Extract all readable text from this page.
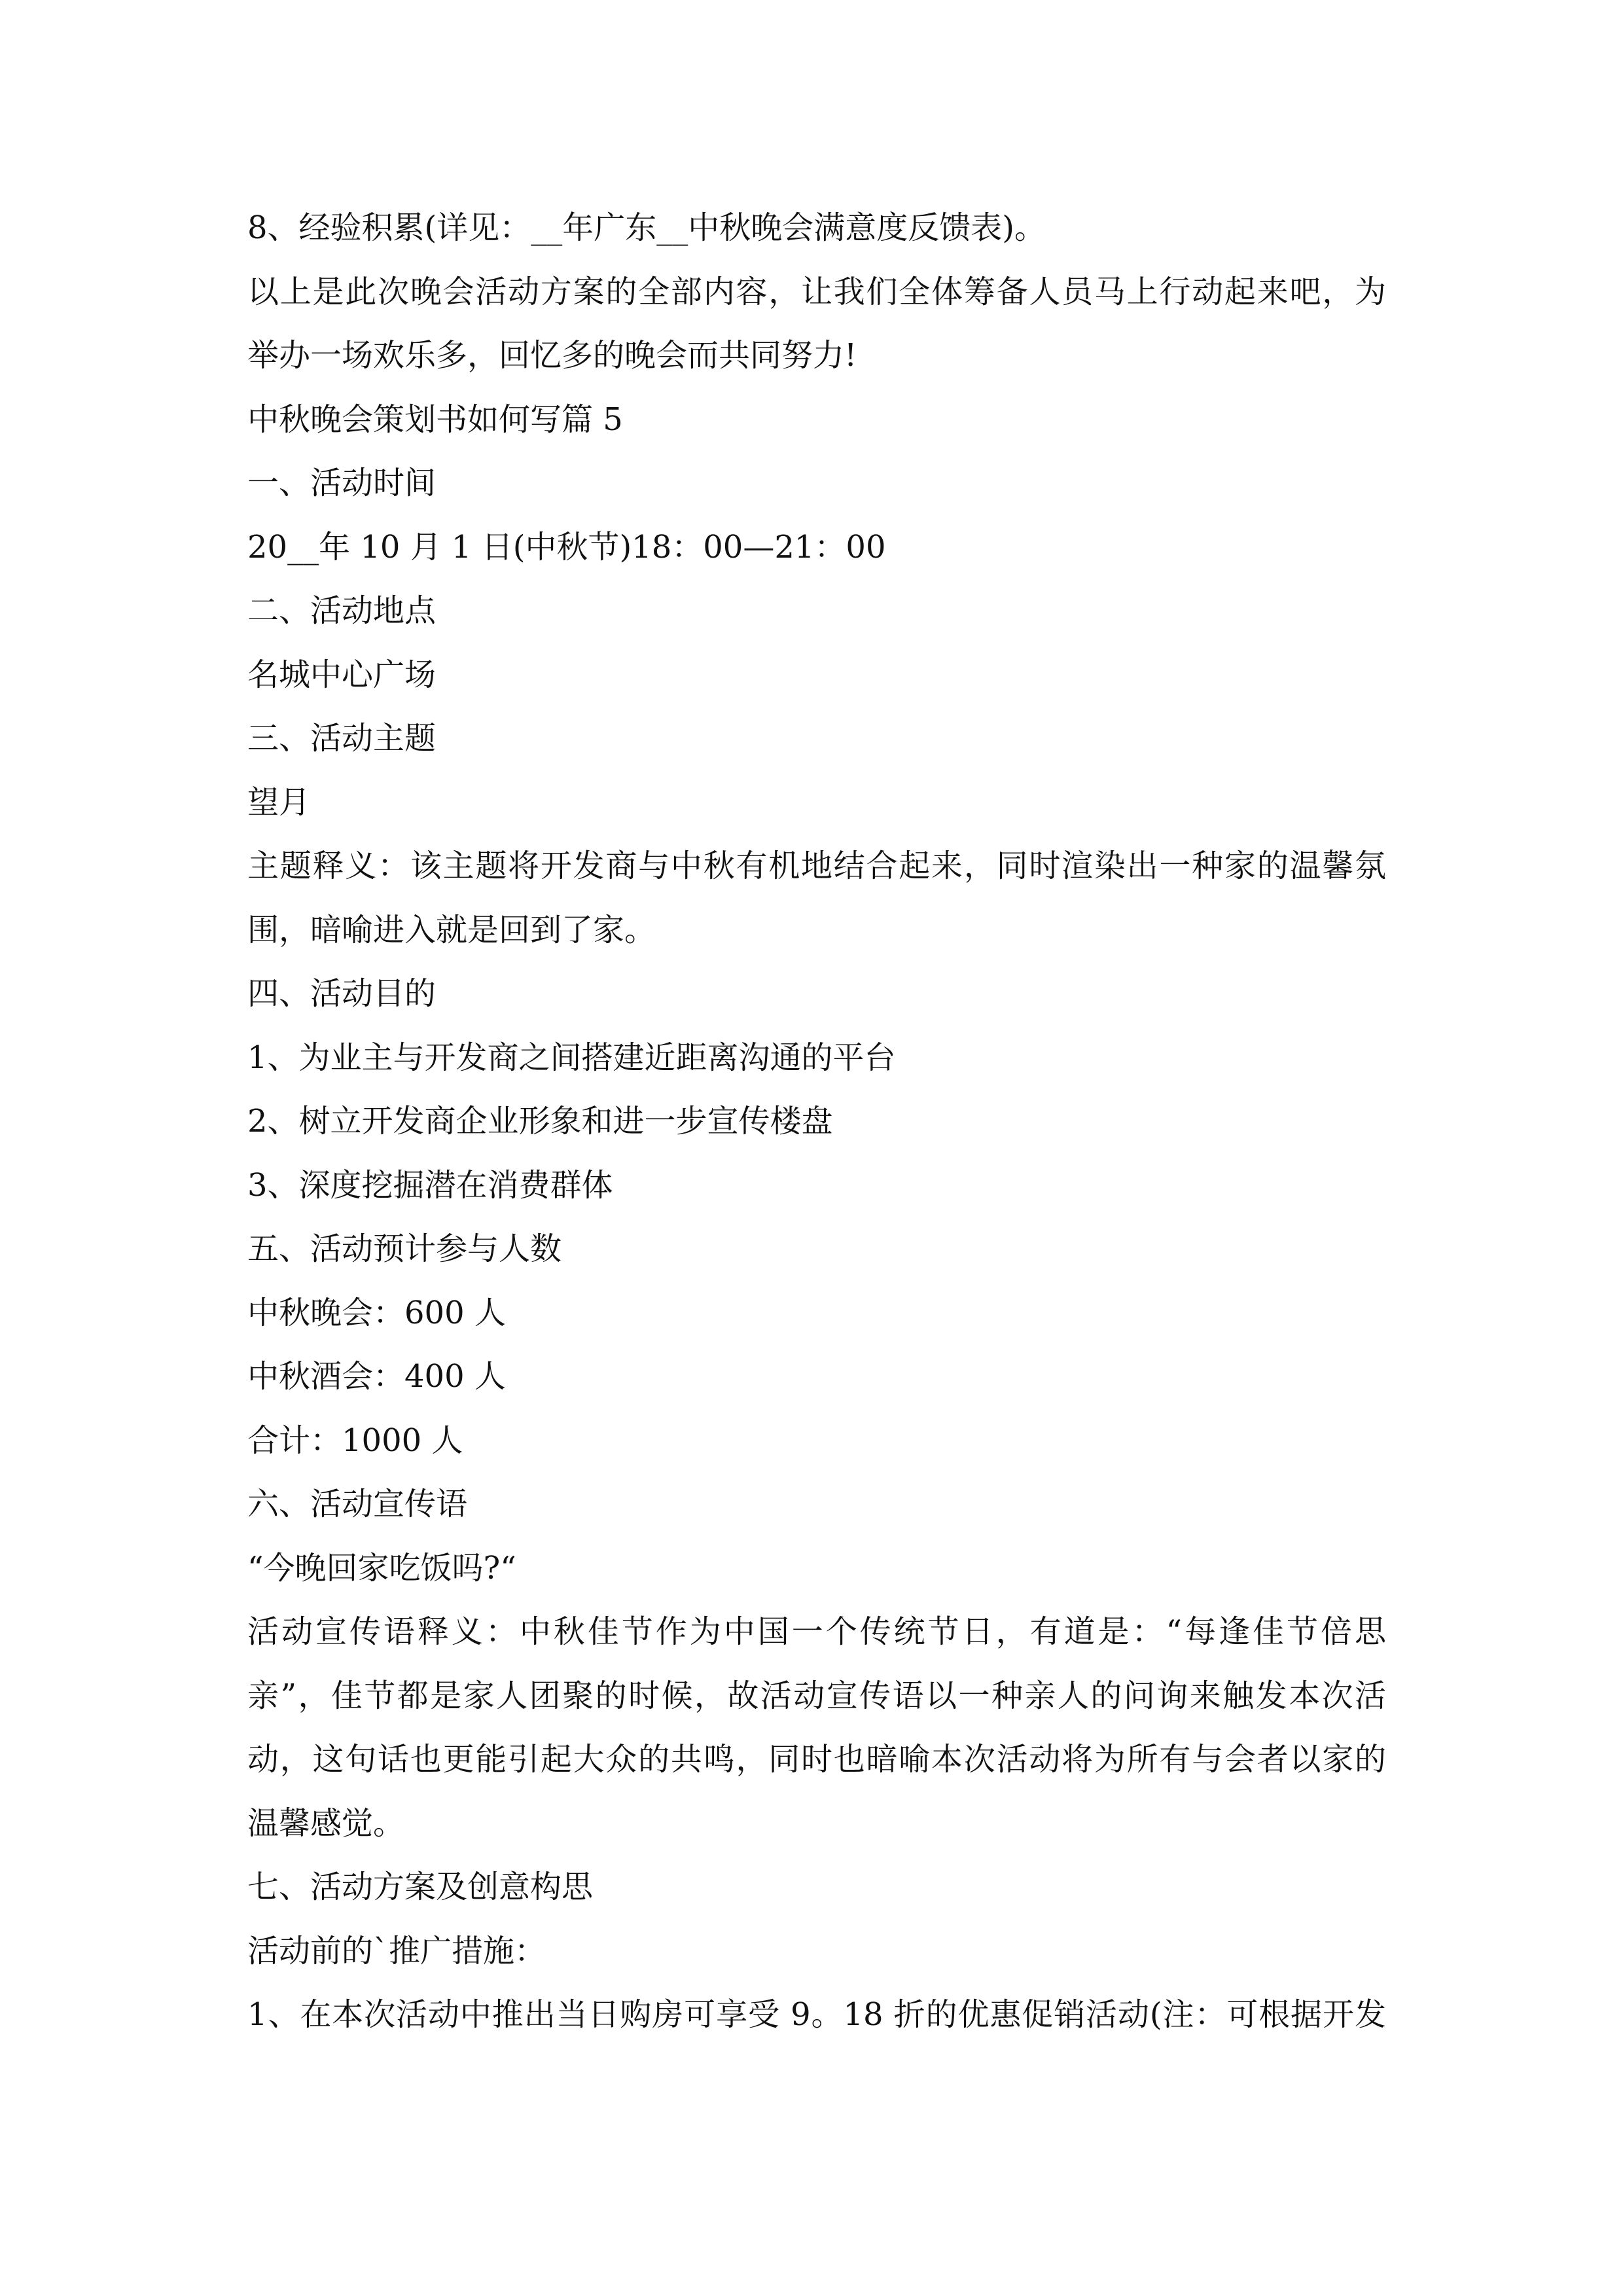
8、经验积累(详见：__年广东__中秋晚会满意度反馈表)。
以上是此次晚会活动方案的全部内容，让我们全体筹备人员马上行动起来吧，为
举办一场欢乐多，回忆多的晚会而共同努力!
中秋晚会策划书如何写篇 5
一、活动时间
20__年 10 月 1 日(中秋节)18：00—21：00
二、活动地点
名城中心广场
三、活动主题
望月
主题释义：该主题将开发商与中秋有机地结合起来，同时渲染出一种家的温馨氛
围，暗喻进入就是回到了家。
四、活动目的
1、为业主与开发商之间搭建近距离沟通的平台
2、树立开发商企业形象和进一步宣传楼盘
3、深度挖掘潜在消费群体
五、活动预计参与人数
中秋晚会：600 人
中秋酒会：400 人
合计：1000 人
六、活动宣传语
“今晚回家吃饭吗?“
活动宣传语释义：中秋佳节作为中国一个传统节日，有道是：“每逢佳节倍思
亲”，佳节都是家人团聚的时候，故活动宣传语以一种亲人的问询来触发本次活
动，这句话也更能引起大众的共鸣，同时也暗喻本次活动将为所有与会者以家的
温馨感觉。
七、活动方案及创意构思
活动前的`推广措施：
1、在本次活动中推出当日购房可享受 9。18 折的优惠促销活动(注：可根据开发
